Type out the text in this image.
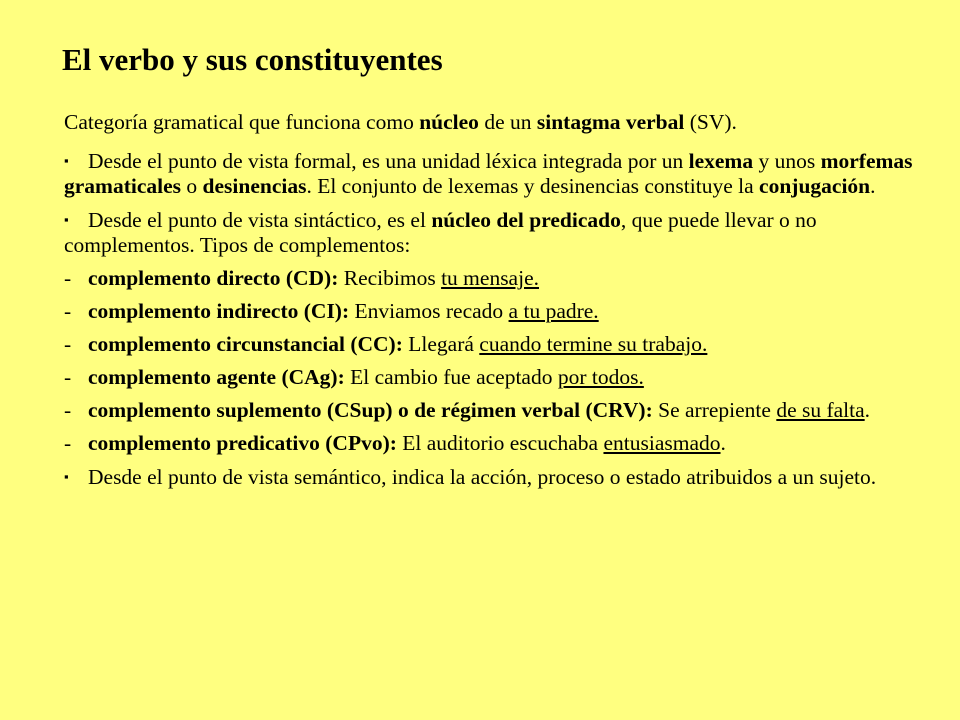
El verbo y sus constituyentes
Categoría gramatical que funciona como núcleo de un sintagma verbal (SV).
▪ Desde el punto de vista formal, es una unidad léxica integrada por un lexema y unos morfemas gramaticales o desinencias. El conjunto de lexemas y desinencias constituye la conjugación.
▪ Desde el punto de vista sintáctico, es el núcleo del predicado, que puede llevar o no complementos. Tipos de complementos:
- complemento directo (CD): Recibimos tu mensaje.
- complemento indirecto (CI): Enviamos recado a tu padre.
- complemento circunstancial (CC): Llegará cuando termine su trabajo.
- complemento agente (CAg): El cambio fue aceptado por todos.
- complemento suplemento (CSup) o de régimen verbal (CRV): Se arrepiente de su falta.
- complemento predicativo (CPvo): El auditorio escuchaba entusiasmado.
▪ Desde el punto de vista semántico, indica la acción, proceso o estado atribuidos a un sujeto.
